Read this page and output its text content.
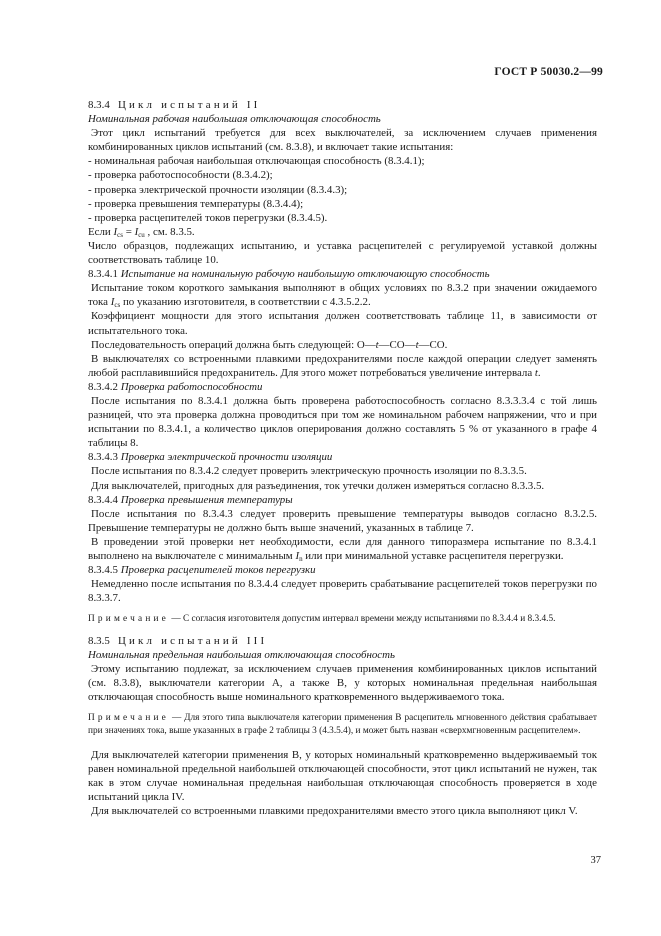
ГОСТ Р 50030.2—99

8.3.4 Цикл испытаний II

Номинальная рабочая наибольшая отключающая способность

Этот цикл испытаний требуется для всех выключателей, за исключением случаев применения комбинированных циклов испытаний (см. 8.3.8), и включает такие испытания:

- номинальная рабочая наибольшая отключающая способность (8.3.4.1);

- проверка работоспособности (8.3.4.2);

- проверка электрической прочности изоляции (8.3.4.3);

- проверка превышения температуры (8.3.4.4);

- проверка расцепителей токов перегрузки (8.3.4.5).

Если $I_{cs} = I_{cu}$ , см. 8.3.5.

Число образцов, подлежащих испытанию, и уставка расцепителей с регулируемой уставкой должны соответствовать таблице 10.

8.3.4.1 Испытание на номинальную рабочую наибольшую отключающую способность

Испытание током короткого замыкания выполняют в общих условиях по 8.3.2 при значении ожидаемого тока $I_{cs}$ по указанию изготовителя, в соответствии с 4.3.5.2.2.

Коэффициент мощности для этого испытания должен соответствовать таблице 11, в зависимости от испытательного тока.

Последовательность операций должна быть следующей: О—t—СО—t—СО.

В выключателях со встроенными плавкими предохранителями после каждой операции следует заменять любой расплавившийся предохранитель. Для этого может потребоваться увеличение интервала t.

8.3.4.2 Проверка работоспособности

После испытания по 8.3.4.1 должна быть проверена работоспособность согласно 8.3.3.3.4 с той лишь разницей, что эта проверка должна проводиться при том же номинальном рабочем напряжении, что и при испытании по 8.3.4.1, а количество циклов оперирования должно составлять 5 % от указанного в графе 4 таблицы 8.

8.3.4.3 Проверка электрической прочности изоляции

После испытания по 8.3.4.2 следует проверить электрическую прочность изоляции по 8.3.3.5.

Для выключателей, пригодных для разъединения, ток утечки должен измеряться согласно 8.3.3.5.

8.3.4.4 Проверка превышения температуры

После испытания по 8.3.4.3 следует проверить превышение температуры выводов согласно 8.3.2.5. Превышение температуры не должно быть выше значений, указанных в таблице 7.

В проведении этой проверки нет необходимости, если для данного типоразмера испытание по 8.3.4.1 выполнено на выключателе с минимальным $I_n$ или при минимальной уставке расцепителя перегрузки.

8.3.4.5 Проверка расцепителей токов перегрузки

Немедленно после испытания по 8.3.4.4 следует проверить срабатывание расцепителей токов перегрузки по 8.3.3.7.

Примечание — С согласия изготовителя допустим интервал времени между испытаниями по 8.3.4.4 и 8.3.4.5.

8.3.5 Цикл испытаний III

Номинальная предельная наибольшая отключающая способность

Этому испытанию подлежат, за исключением случаев применения комбинированных циклов испытаний (см. 8.3.8), выключатели категории А, а также В, у которых номинальная предельная наибольшая отключающая способность выше номинального кратковременного выдерживаемого тока.

Примечание — Для этого типа выключателя категории применения В расцепитель мгновенного действия срабатывает при значениях тока, выше указанных в графе 2 таблицы 3 (4.3.5.4), и может быть назван «сверхмгновенным расцепителем».

Для выключателей категории применения В, у которых номинальный кратковременно выдерживаемый ток равен номинальной предельной наибольшей отключающей способности, этот цикл испытаний не нужен, так как в этом случае номинальная предельная наибольшая отключающая способность проверяется в ходе испытаний цикла IV.

Для выключателей со встроенными плавкими предохранителями вместо этого цикла выполняют цикл V.

37
